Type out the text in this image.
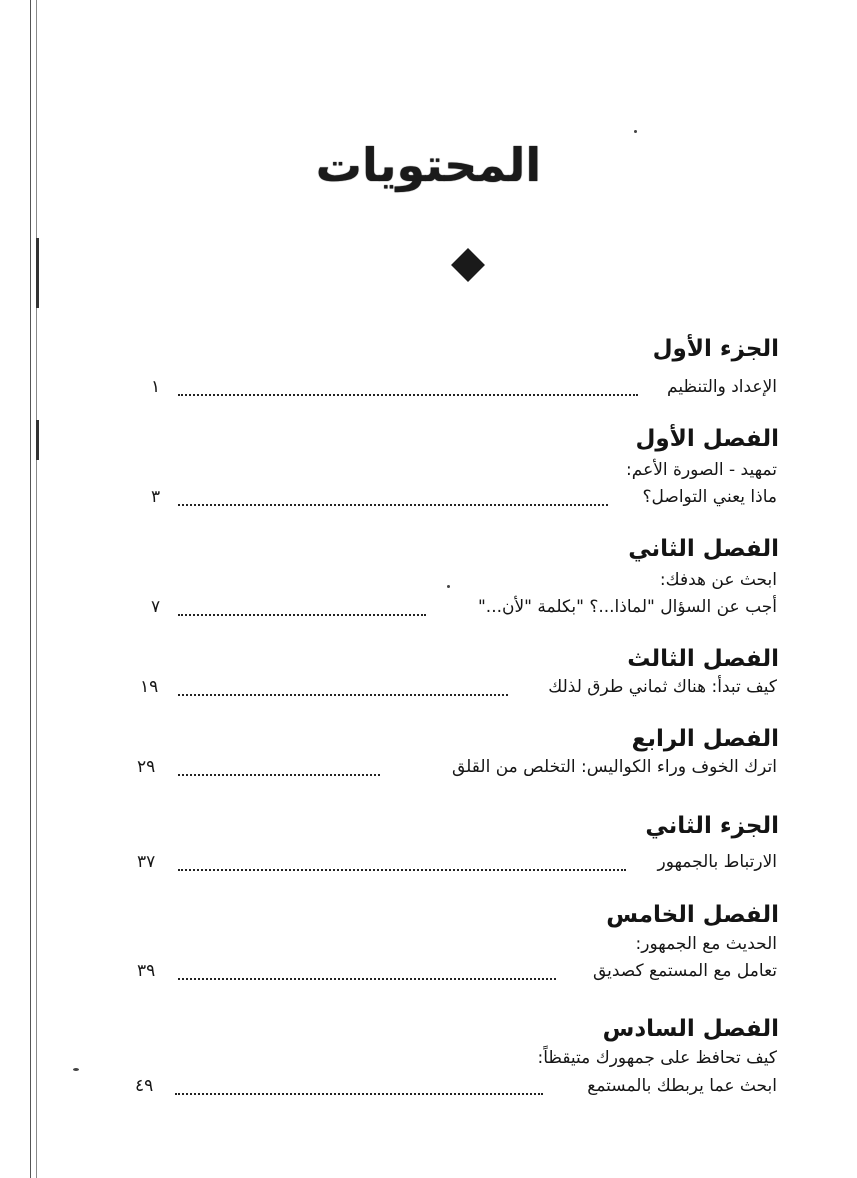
المحتويات
الجزء الأول
الإعداد والتنظيم
١
الفصل الأول
تمهيد - الصورة الأعم:
ماذا يعني التواصل؟
٣
الفصل الثاني
ابحث عن هدفك:
أجب عن السؤال "لماذا...؟ "بكلمة "لأن..."
٧
الفصل الثالث
كيف تبدأ: هناك ثماني طرق لذلك
١٩
الفصل الرابع
اترك الخوف وراء الكواليس: التخلص من القلق
٢٩
الجزء الثاني
الارتباط بالجمهور
٣٧
الفصل الخامس
الحديث مع الجمهور:
تعامل مع المستمع كصديق
٣٩
الفصل السادس
كيف تحافظ على جمهورك متيقظاً:
ابحث عما يربطك بالمستمع
٤٩
